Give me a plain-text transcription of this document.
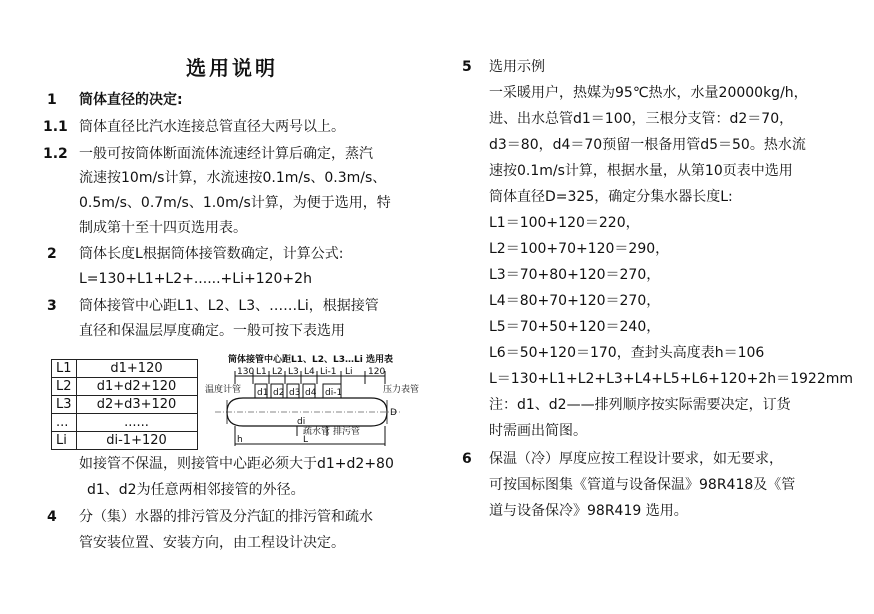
选用说明
1 筒体直径的决定:
1.1 筒体直径比汽水连接总管直径大两号以上。
1.2 一般可按筒体断面流体流速经计算后确定，蒸汽
流速按10m/s计算，水流速按0.1m/s、0.3m/s、
0.5m/s、0.7m/s、1.0m/s计算，为便于选用，特
制成第十至十四页选用表。
2 筒体长度L根据筒体接管数确定，计算公式:
L=130+L1+L2+......+Li+120+2h
3 筒体接管中心距L1、L2、L3、……Li，根据接管
直径和保温层厚度确定。一般可按下表选用
L1	d1+120
L2	d1+d2+120
L3	d2+d3+120
...	......
Li	di-1+120
筒体接管中心距L1、L2、L3…Li 选用表
130 L1 L2 L3 L4 Li-1 Li 120
温度计管	压力表管
d1 d2 d3 d4 di-1
D
di
L
h
疏水管 排污管
如接管不保温，则接管中心距必须大于d1+d2+80
d1、d2为任意两相邻接管的外径。
4 分（集）水器的排污管及分汽缸的排污管和疏水
管安装位置、安装方向，由工程设计决定。
5 选用示例
一采暖用户，热媒为95℃热水，水量20000kg/h，
进、出水总管d1＝100，三根分支管：d2＝70，
d3＝80，d4＝70预留一根备用管d5＝50。热水流
速按0.1m/s计算，根据水量，从第10页表中选用
筒体直径D=325，确定分集水器长度L:
L1＝100+120＝220，
L2＝100+70+120＝290，
L3＝70+80+120＝270，
L4＝80+70+120＝270，
L5＝70+50+120＝240，
L6＝50+120＝170，查封头高度表h＝106
L＝130+L1+L2+L3+L4+L5+L6+120+2h＝1922mm
注：d1、d2——排列顺序按实际需要决定，订货
时需画出简图。
6 保温（冷）厚度应按工程设计要求，如无要求，
可按国标图集《管道与设备保温》98R418及《管
道与设备保冷》98R419 选用。
